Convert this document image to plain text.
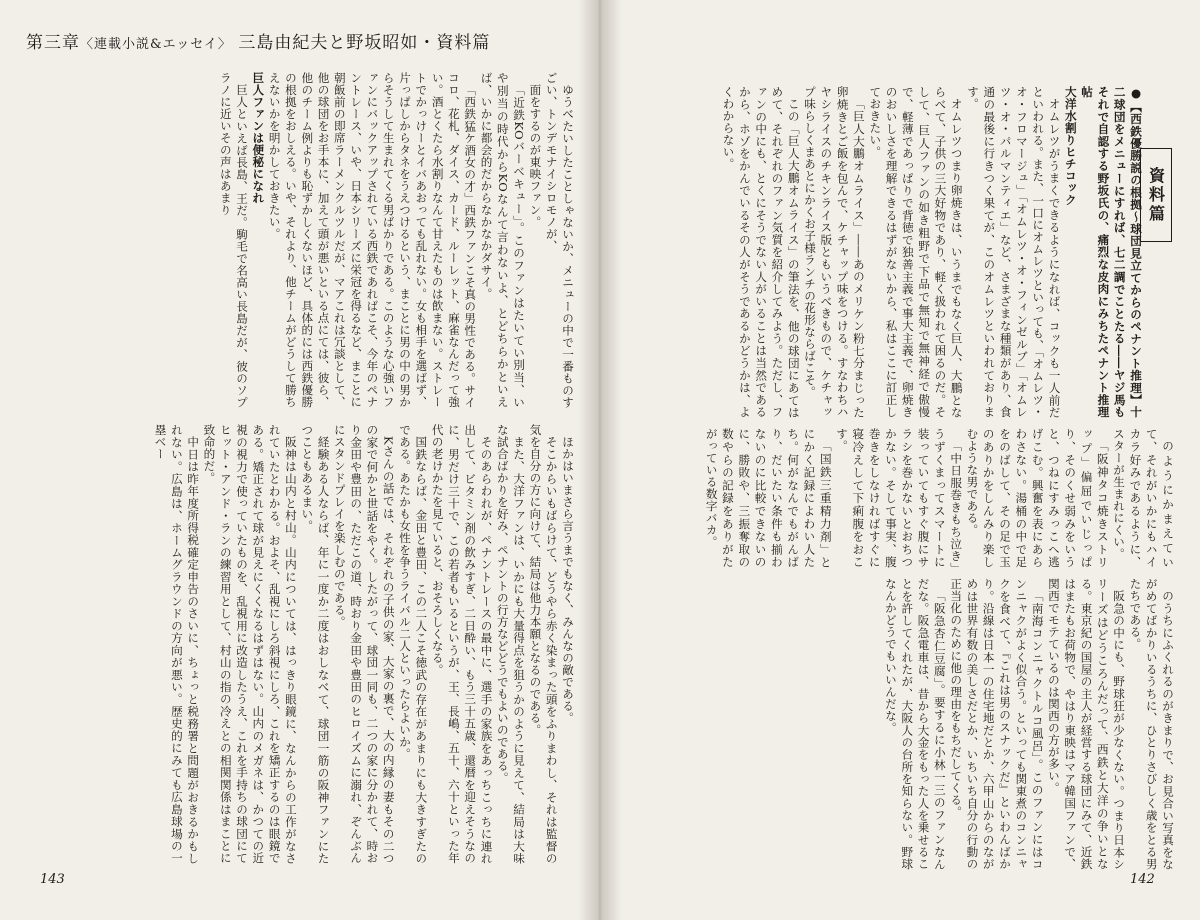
第三章〈連載小説&エッセイ〉 三島由紀夫と野坂昭如・資料篇

ゆうべたいしたことしゃないか、メニューの中で一番ものすごい、トンデモナイシロモノが、

面をするのが東映ファン。

「近鉄KOバーベキュー」。このファンはたいてい別当、いや別当の時代からKOなんて言わないよ、とどちらかといえば、いかに都会的だからなかなかダサイ。

「西鉄猛ケ酒女の才」西鉄ファンこそ真の男性である。サイコロ、花札、ダイス、カード、ルーレット、麻雀なんだって強い。酒とくたら水割りなんて甘えたものは飲まない。ストレートでかっけーとイバあおっても乱れない。女も相手を選ばず、片っぱしからタネをうえつけるという、まことに男の中の男からそうして生まれてくる男ばかりである。このような心強いファンにバックアップされている西鉄であればこそ、今年のペナントレース、いや、日本シリーズに栄冠を得るなど、まことに朝飯前の即席ラーメンクルツルだが、マアこれは冗談として、他の球団をお手本に、加えて頭が悪いといる点にては、彼ら、他のチーム例よりも恥ずかしくないほど、具体的には西鉄優勝の根拠をおしえる。いや、それより、他チームがどうして勝ちえないかを明かしておきたい。

巨人ファンは便秘になれ

巨人といえば長島、王だ。駒毛で名高い長島だが、彼のソプラノに近いその声はあまり

ほかはいまさら言うまでもなく、みんなの敵である。

そこからいもばらけて、どうやら赤く染まった頭をふりまわし、それは監督の気を自分の方に向けて、結局は他力本願となるのである。

また、大洋ファンは、いかにも大量得点を狙うかのように見えて、結局は大味な試合ばかりを好み、ペナントの行方などどうでもよいのである。

そのあらわれが、ペナントレースの最中に、選手の家族をあっちこっちに連れ出して、ビタミン剤の飲みすぎ、二日酔い、もう三十五歳、還暦を迎えそうなのに、男だけ三十で、この若者もいるというが、王、長嶋、五十、六十といった年代の老けかたを見ていると、おそろしくなる。

国鉄ならば、金田と豊田、この二人こそ徳武の存在があまりにも大きすぎたのである。あたかも女性を争うライバル二人といったらよいか。

Kさんの話では、それぞれの子供の家、大家の裏で、大の内縁の妻もその二つの家で何かと世話をやく。したがって、球団一同も、二つの家に分かれて、時おり金田や豊田の、ただこの道、時おり金田や豊田のヒロイズムに溺れ、ぞんぶんにスタンドプレイを楽しむのである。

経験ある人ならば、年に一度か二度はおしなべて、球団一筋の阪神ファンにたつこともあるまい。

阪神は山内と村山。山内については、はっきり眼鏡に、なんからの工作がなされていたとわかる。およそ、乱視にしろ斜視にしろ、これを矯正するのは眼鏡である。矯正されて球が見えにくくなるはずはない。山内のメガネは、かつての近視の視力で使っていたものを、乱視用に改造したうえ、これを手持ちの球団にてヒット・アンド・ランの練習用として、村山の指の冷えとの相関関係はまことに致命的だ。

中日は昨年度所得税確定申告のさいに、ちょっと税務署と問題がおきるかもしれない。広島は、ホームグラウンドの方向が悪い。歴史的にみても広島球場の一塁ベー

資料篇

●【西鉄優勝説の根拠〜球団見立てからのペナント推理】十二球団をメニューにすれば、七二調でことたる――ヤジ馬もそれで自認する野坂氏の、痛烈な皮肉にみちたペナント推理帖

大洋水割りヒチコック

オムレツがうまくできるようになれば、コックも一人前だといわれる。また、一口にオムレツといっても、「オムレツ・オ・フロマージュ」「オムレツ・オ・フィンゼルブ」「オムレツ・オ・パルマンティエ」など、さまざまな種類があり、食通の最後に行きつく果てが、このオムレツといわれております。

オムレツつまり卵焼きは、いうまでもなく巨人、大鵬とならべて、子供の三大好物であり、軽く扱われて困るのだ。そして、巨人ファンの如き粗野で下品で無知で無神経で傲慢で、軽薄であっぱりで背徳で独善主義で事大主義で、卵焼きのおいしさを理解できるはずがないから、私はここに訂正しておきたい。

「巨人大鵬オムライス」――あのメリケン粉七分まじった卵焼きとご飯を包んで、ケチャップ味をつける。すなわちハヤシライスのチキンライス版ともいうべきもので、ケチャップ味らしくまあとにかくお子様ランチの花形ならばこそ。

この「巨人大鵬オムライス」の筆法を、他の球団にあてはめて、それぞれのファン気質を紹介してみよう。ただし、ファンの中にも、とくにそうでない人がいることは当然であるから、ホゾをかんでいるその人がそうであるかどうかは、よくわからない。

のようにかまえていて、それがいかにもハイカラ好みであるように、スターが生まれにくい。

「阪神タコ焼きストリップ」偏屈でいじっぱり、そのくせ弱みをいうと、つねにすみっこへ逃げこむ。興奮を表にあらわさない。湯桶の中で足をのばして、その足で玉のありかをしんみり楽しむような男である。

「中日服巻きもち泣き」うずくまってスマートに装っていてもすぐ腹にサラシを巻かないとおちつかない。そして事実、腹巻きをしなければすぐに寝冷えして下痢腹をおこす。

「国鉄三重精力剤」とにかく記録によわい人たち。何がなんでもがんばり、だいたい条件も揃わないのに比較できないのに、勝敗や、三振奪取の数やらの記録をありがたがっている数字バカ。

のうちにふくれるのがきまりで、お見合い写真をながめてばかりいるうちに、ひとりさびしく歳をとる男たちである。

阪急の中にも、野球狂が少なくない。つまり日本シリーズはどうころんだって、西鉄と大洋の争いとなる。東京紀の国屋の主人が経営する球団にみて、近鉄はまたもお荷物で、やはり東映はマア韓国ファンで、関西でモテているのは関西の方が多い。

「南海コンニャクトルコ風呂」。このファンにはコンニャクがよく似合う。といっても関東煮のコンニャクを食べて、『これは男のスナックだ』といわんばかり。沿線は日本一の住宅地だとか、六甲山からのながめは世界有数の美しさだとか、いちいち自分の行動の正当化のために他の理由をもちだしてくる。

「阪急杏仁豆腐」。要するに小林一三のファンなんだな。阪急電車は、昔から大金をもった人を乗せることを許してくれたが、大阪人の台所を知らない。野球なんかどうでもいいんだな。

143	142
